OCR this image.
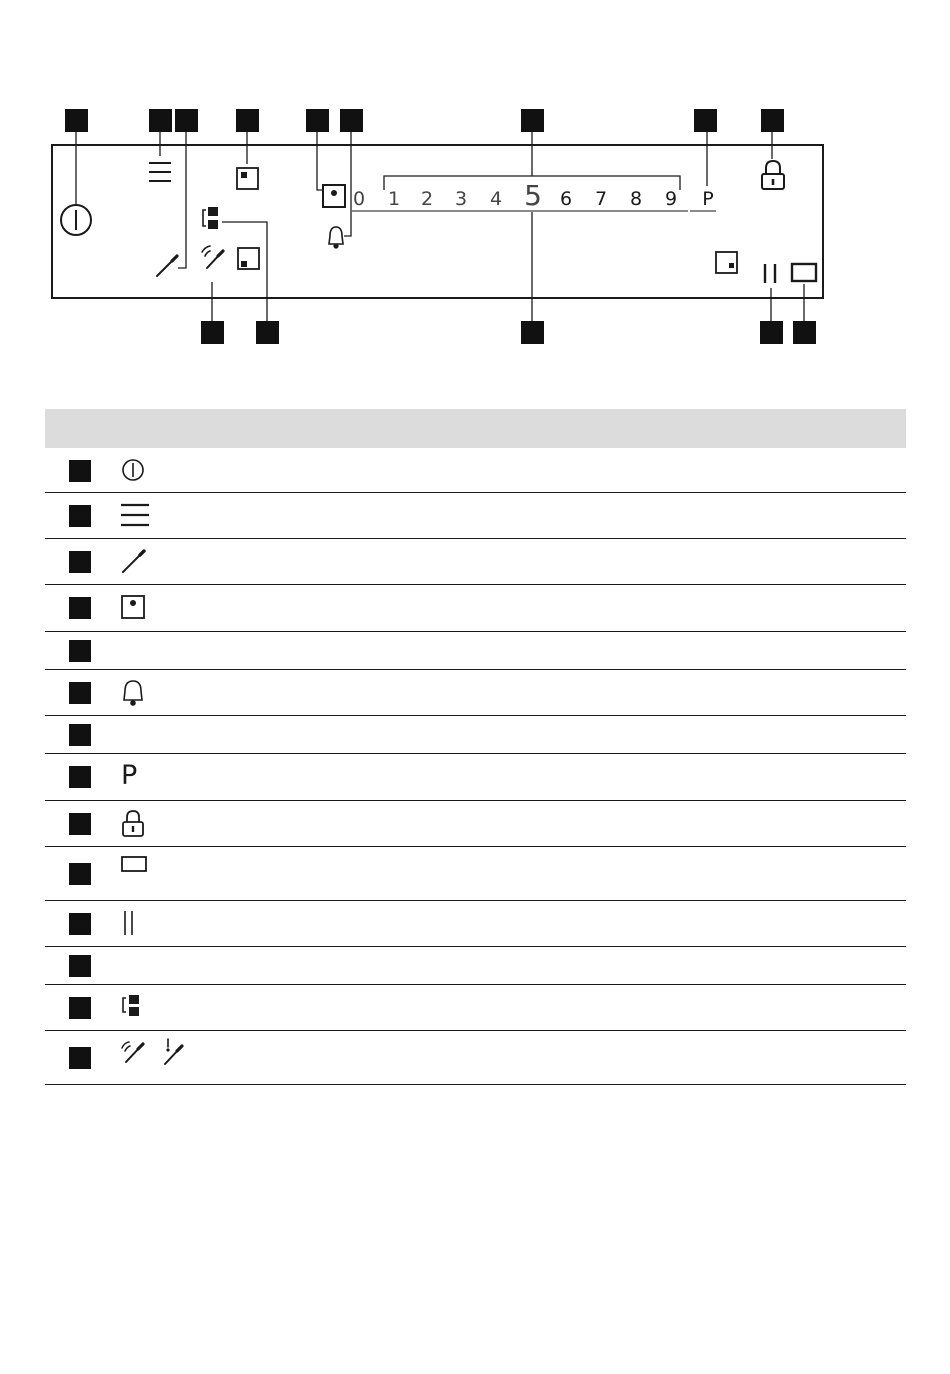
0 1 2 3 4 5 6 7 8 9 P
P
